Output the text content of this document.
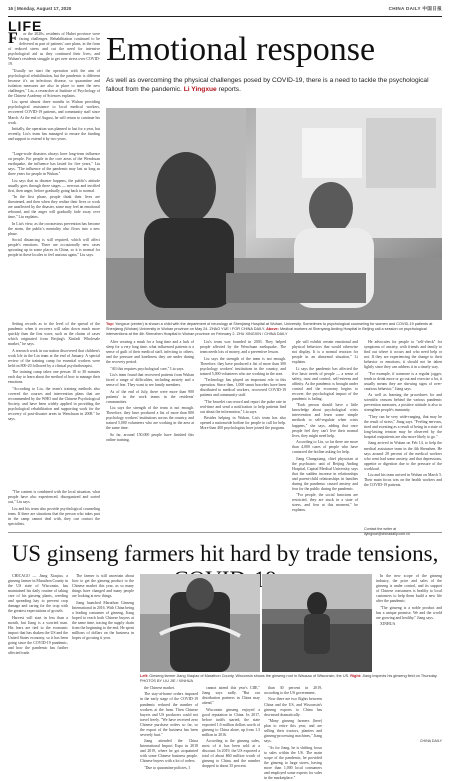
16 | Monday, August 17, 2020	CHINA DAILY 中国日报
LIFE
Emotional response
As well as overcoming the physical challenges posed by COVID-19, there is a need to tackle the psychological fallout from the pandemic. Li Yingxue reports.
F	or the 2020s, residents of Hubei province were facing challenges. Rehabilitation continued to be delivered as part of patients' care plans, in the form of reduced stress and cut the need for intensive psychological aid as they continued their lives, and Wuhan's residents struggle to get over stress over COVID-19.

"Usually we start the operation with the aim of psychological rehabilitation, but the pandemic is different because it's an infectious disease, so quarantine and isolation measures are also in place to meet the new challenges," Liu, a researcher at Institute of Psychology of the Chinese Academy of Sciences explains.

Liu spent almost three months in Wuhan providing psychological assistance to local medical workers, recovered COVID-19 patients, and community staff since March. At the end of August, he will return to continue his work.

Initially, the operation was planned to last for a year, but recently, Liu's team has managed to ensure the funding and support to extend it by two years.

"Large-scale disasters always have long-term influence on people. For people in the core areas of the Wenchuan earthquake, the influence has lasted for five years," Liu says. "The influence of the pandemic may last as long as three years for people in Wuhan."

Liu says that as disaster happens, the public's attitude usually goes through three stages — nervous and terrified first, then anger, before gradually going back to normal.

"In the first phase, people think their lives are threatened, and then when they realize their lives or work are unaffected by the disaster, some may feel an emotional rebound, and the anger will gradually fade away over time," Liu explains.

In Liu's view, as the coronavirus prevention has become the norm, the public's mentality also flows into a new phase.

Social distancing is still required, which will affect people's emotions. There are occasionally new cases sprouting up in some places in China, so it is normal for people in these locales to feel anxious again," Liu says.

Top: Yongxue (center) is shown a child with the department of neurology at Shenjiang Hospital at Wuhan, University. Sometimes to psychological counseling for women and COVID-19 patients at Shenjiang (Wuhan) University in Wuhan province on May 24. ZHAO YUE / FOR CHINA DAILY. Above: Medical workers at Shenyang Anding Hospital in Beijing call a session on psychological interventions at the 4th Shenzhen Hospital in Wuhan province on February 2. ZHU XINGXIN / CHINA DAILY

Setting records as to the level of the spread of the pandemic when it recovers will calm down much more quickly than the first wave, such as the chains of cases which originated from Beijing's Xinfadi Wholesale market," he says.

A research work in our nation discovered that children's work life in the Lin team at the end of January. A special review of the training camp for essential workers were held on 800-20 followed by a clinical psychotherapist.

The training camp takes one person 18 to 30 minutes each day to learn about the method of how to manage their emotions.

"According to Liu, the team's training methods also covered the courses and intervention plans that are recommended by the WHO and the Chinese Psychological Society, and have been widely applied in providing the psychological rehabilitation and supporting work for the recovery of post-disaster areas in Wenchuan in 2008." he says.

"The content is combined with the local situation, what people have also experienced, disorganized and sorted out," Liu says.

Liu and his team also provide psychological counseling team. If there are situations that the person who takes part in the camp cannot deal with, they can contact the specialists.

After wearing a mask for a long time and a lack of sleep for a very long time, what influenced patients is a sense of guilt of their medical staff, infecting to others, and the pressure and loneliness they are under during the recovery period.

"All this requires psychological care," Liu says.

Liu's team found that recovered patients from Wuhan faced a range of difficulties, including anxiety and a sense of fear. They want to see family members.

As of the end of July, there were more than 900 patients' in the work teams in the residents' communities.

Liu says the strength of the team is not enough. Therefore, they have produced a list of more than 800 psychology workers' institutions across the country, and trained 5,000 volunteers who are working in the area at the same time.

So far, around 150,000 people have finished this online training.

Liu's team was founded in 2003. They helped people affected by the Wenchuan earthquake. The team needs lots of money, and a preventive lesson.

Liu says the strength of the team is not enough. Therefore, they have produced a list of more than 300 psychology workers' institutions in the country, and trained 5,000 volunteers who are working in the area.

"Technology has played an important role in this operation. Since then, 1,000 smart bracelets have been distributed to medical workers, recovered COVID-19 patients and community staff.

"The bracelet can record and report the pulse rate in real-time and send a notification to help patients find out about the information," Liu says.

Besides helping in Wuhan, Liu's team has also opened a nationwide hotline for people to call for help. More than 400 psychologists have joined the program.

ple will exhibit certain emotional and physical behaviors that would otherwise not display. It is a normal reaction for people in an abnormal situation," Li explains.

Li says the pandemic has affected the five basic needs of people — a sense of safety, trust and control, self-esteem and affinity. As the pandemic is brought under control and the economy begins to recover, the psychological impact of the pandemic is fading.

"Each person should have a little knowledge about psychological crisis intervention and learn some simple methods to self-regulate when crisis happens," she says, adding that once people feel they can't live their normal lives, they might need help.

According to Liu, so far there are more than 4,000 cases of people who have contacted the hotline asking for help.

Jiang Changxiang, chief physician at the psychiatric unit of Beijing Anding Hospital, Capital Medical University, says that the sudden increase in relationships and parent-child relationships in families during the pandemic caused anxiety and fear for the public during the pandemic.

"For people, the social functions are restricted, they are stuck in a state of stress, and fear at this moment," he explains.

He advocates for people to "self-check" for symptoms of anxiety, with friends and family to find out where it occurs and who need help or not. If they are experiencing the change to their behavior or emotions, it should not be taken lightly since they can address it in a timely way.

"For example, if someone is a regular jogger, tends to drink more or go out and exercise a lot, it usually means they are showing signs of over-cautious behavior," Jiang says.

As well as learning the procedures for and scientific reasons behind the various pandemic prevention measures, a positive attitude is also to strengthen people's immunity.

"They can be very wide-ranging, that may be the result of stress," Jiang says. "Feeling nervous, tired and sweating as a result of being in a state of long-lasting tension may be observed by the hospital outpatients are also more likely to go."

Jiang arrived in Wuhan on Feb 14, to help the medical assistance team in the 4th Shenzhen. He says around 28 percent of the medical workers who went had some anxiety, and that depressions, appetite or digestion due to the pressure of the workload.

Liu and his team arrived in Wuhan on March 5. Their main focus was on the health workers and the COVID-19 patients.

US ginseng farmers hit hard by trade tensions,

CHICAGO — Jiang Xiaqiao, a ginseng farmer in Marathon County in the US state of Wisconsin, has maintained his daily routine of taking care of his ginseng plants, weeding and spreading hay to prevent crop damage and caring for the crop with the greatest expectations of growth.

Harvest will start in less than a month, but Jiang is a worried man. His fears are tied to the economic impact that has shaken the US and the United States economy, so it has been going since the COVID-19 pandemic, and how the pandemic has further affected trade.

The farmer is still uncertain about how to get the ginseng product to the Chinese market this year, as so many things have changed and many people are looking at new things.

Jiang launched Marathon Ginseng International in 2016. With China being a leading consumer of ginseng, Jiang hoped to reach both Chinese buyers at the same time, tracing the supply chain from the beginning to the end. He spent millions of dollars on the business in hopes of growing it year.

Left: Ginseng farmer Jiang Xiaqiao of Marathon County, Wisconsin shows the ginseng root in Wausau of Wisconsin, the US. Right: Jiang inspects his ginseng field on Thursday. PHOTOS BY LIU JIE / XINHUA

the Chinese market.

The stay-at-home orders imposed in the early stage of the COVID-19 pandemic reduced the number of workers at the farm. Then Chinese buyers and US producers could not travel freely. "We have received zero Chinese purchase orders so far, so the export of the business has been severely hurt."

Jiang attended the China International Import Expo in 2018 and 2019, where he got acquainted with some Chinese business people. Chinese buyers with a lot of orders.

"Due to quarantine policies, I

cannot attend this year's CIIE," Jiang says sadly. "But our distribution partners in China may attend."

Wisconsin ginseng enjoyed a good reputation in China. In 2017, before tariffs started, the state exported 1.6 million dollars worth of ginseng to China alone, up from 1.3 million in 2016.

According to the ginseng sales, most of it has been sold at a discount. In 2019, the US exported a total of about $60 million worth of ginseng to China, and the number dropped to about 35 percent.

than 30 percent in 2019, according to the US government.

Now there are two flights between China and the US, and Wisconsin's ginseng exports to China has decreased dramatically.

"Many ginseng farmers (here) plan to retire this year, and are selling their tractors, planters and ginseng-processing machines," Jiang says.

"As for Jiang, he is shifting focus to sales within the US. The main scope of the pandemic, he provided the ginseng to large stores, having more than 1,000 local consumers and employed some experts for sales in the marketplace."

In the new scope of the ginseng industry, the price and sales of the ginseng is under control, and its support of Chinese consumers is healthy to local customers to help them build a new life after the pandemic.

"The ginseng is a noble product and has a unique promise. We and the world are growing and healthy," Jiang says.

XINHUA

Contact the writer at liyingxue@chinadaily.com.cn
CHINA DAILY
